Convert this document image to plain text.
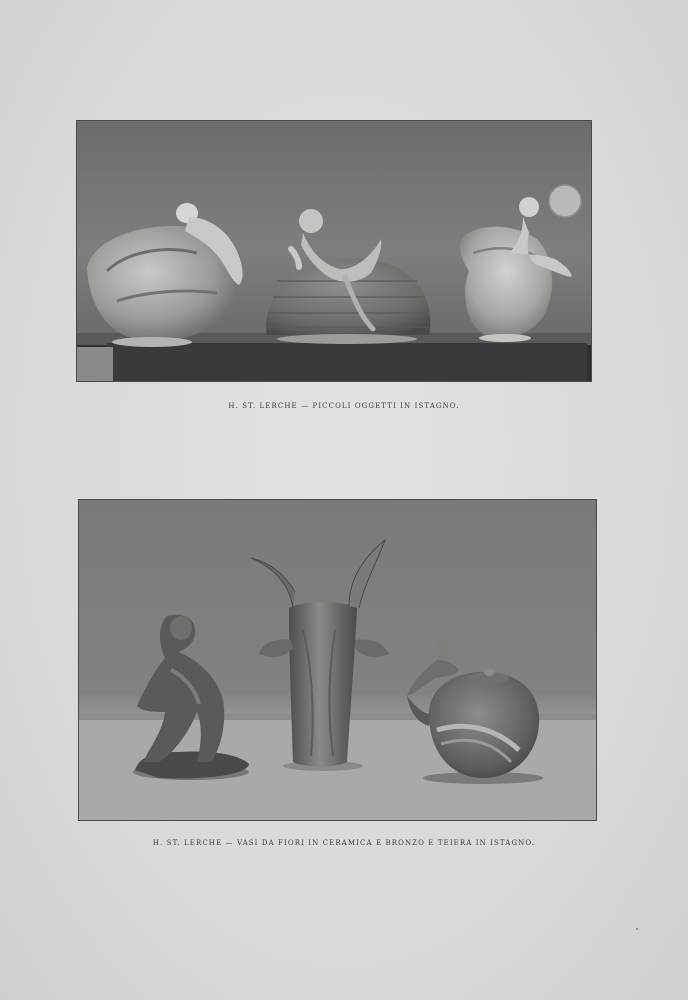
H. ST. LERCHE — PICCOLI OGGETTI IN ISTAGNO.
H. ST. LERCHE — VASI DA FIORI IN CERAMICA E BRONZO E TEIERA IN ISTAGNO.
